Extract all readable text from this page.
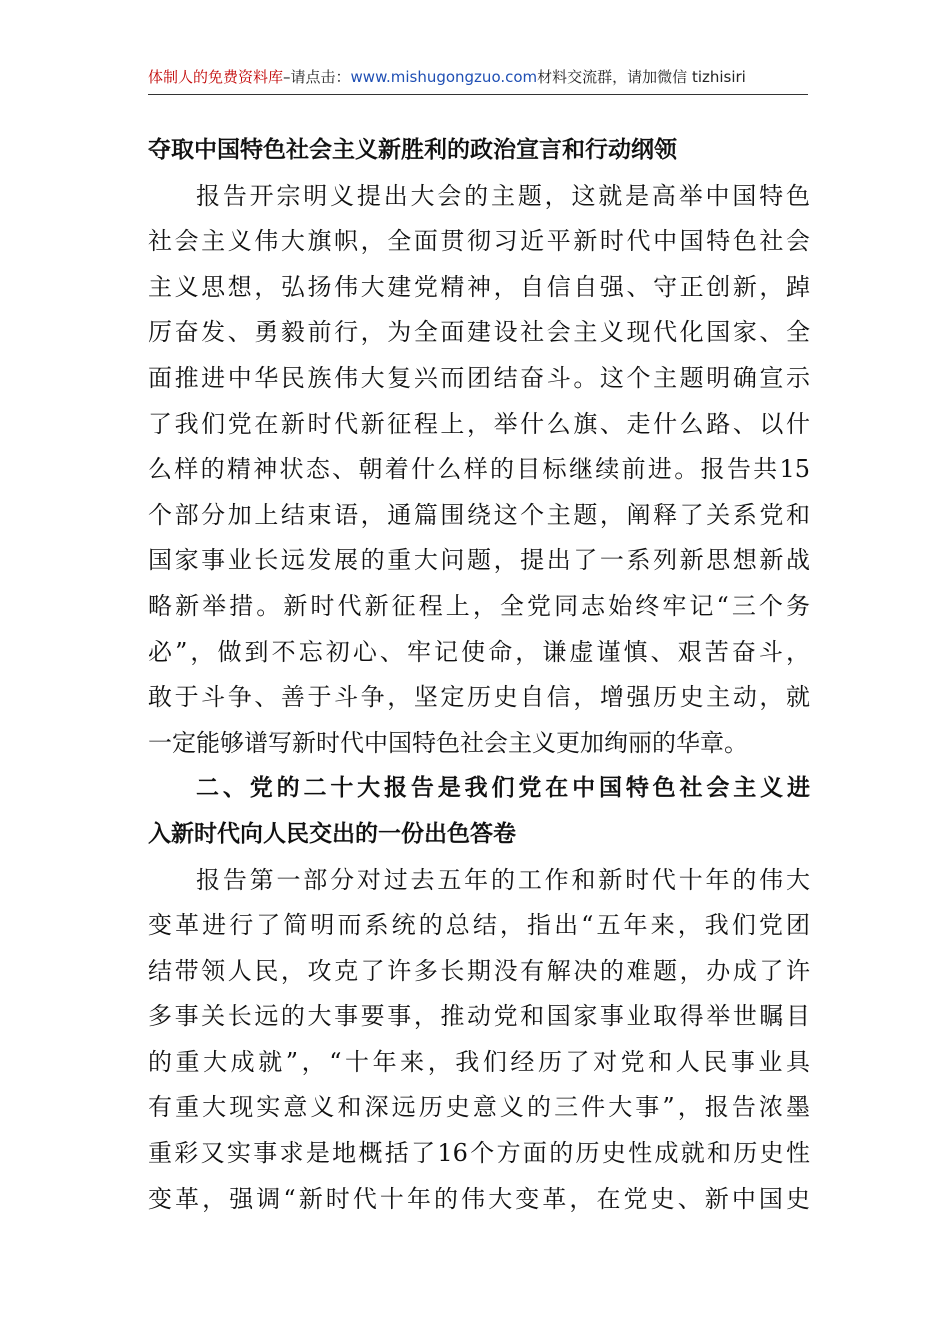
体制人的免费资料库–请点击：www.mishugongzuo.com材料交流群，请加微信 tizhisiri
夺取中国特色社会主义新胜利的政治宣言和行动纲领
报告开宗明义提出大会的主题，这就是高举中国特色
社会主义伟大旗帜，全面贯彻习近平新时代中国特色社会
主义思想，弘扬伟大建党精神，自信自强、守正创新，踔
厉奋发、勇毅前行，为全面建设社会主义现代化国家、全
面推进中华民族伟大复兴而团结奋斗。这个主题明确宣示
了我们党在新时代新征程上，举什么旗、走什么路、以什
么样的精神状态、朝着什么样的目标继续前进。报告共15
个部分加上结束语，通篇围绕这个主题，阐释了关系党和
国家事业长远发展的重大问题，提出了一系列新思想新战
略新举措。新时代新征程上，全党同志始终牢记“三个务
必”，做到不忘初心、牢记使命，谦虚谨慎、艰苦奋斗，
敢于斗争、善于斗争，坚定历史自信，增强历史主动，就
一定能够谱写新时代中国特色社会主义更加绚丽的华章。
二、党的二十大报告是我们党在中国特色社会主义进
入新时代向人民交出的一份出色答卷
报告第一部分对过去五年的工作和新时代十年的伟大
变革进行了简明而系统的总结，指出“五年来，我们党团
结带领人民，攻克了许多长期没有解决的难题，办成了许
多事关长远的大事要事，推动党和国家事业取得举世瞩目
的重大成就”，“十年来，我们经历了对党和人民事业具
有重大现实意义和深远历史意义的三件大事”，报告浓墨
重彩又实事求是地概括了16个方面的历史性成就和历史性
变革，强调“新时代十年的伟大变革，在党史、新中国史
